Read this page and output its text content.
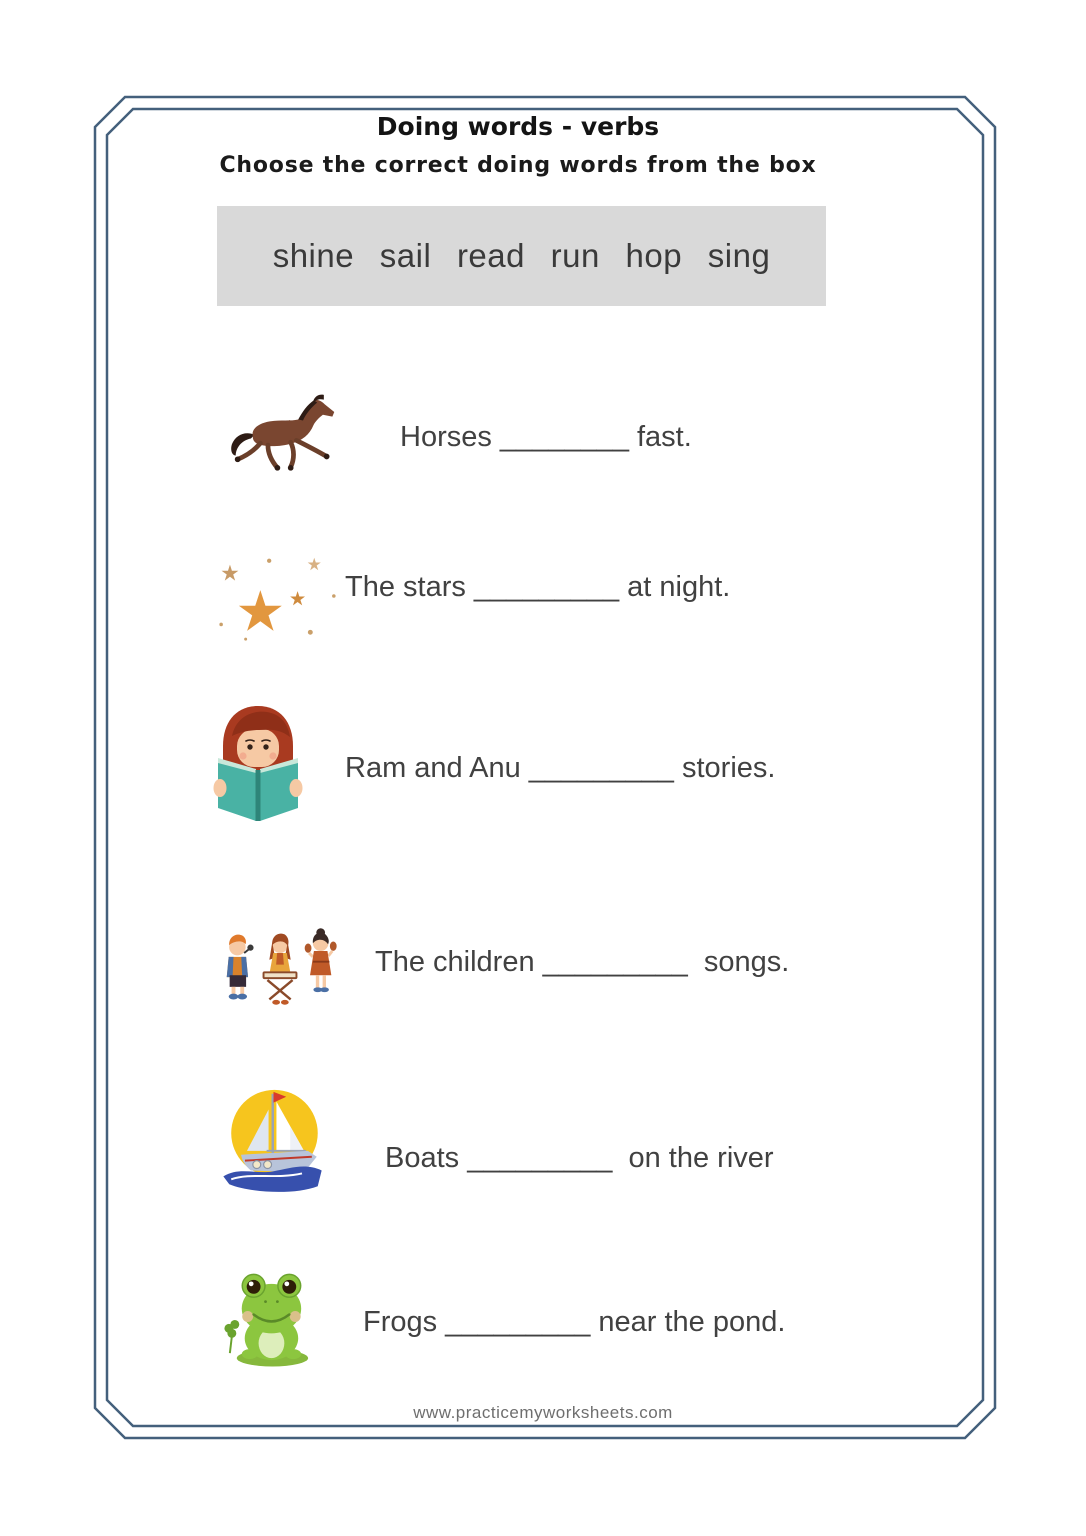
Doing words - verbs
Choose the correct doing words from the box
shine sail read run hop sing
Horses ________ fast.
The stars _________ at night.
Ram and Anu _________ stories.
The children _________  songs.
Boats _________  on the river
Frogs _________ near the pond.
www.practicemyworksheets.com
